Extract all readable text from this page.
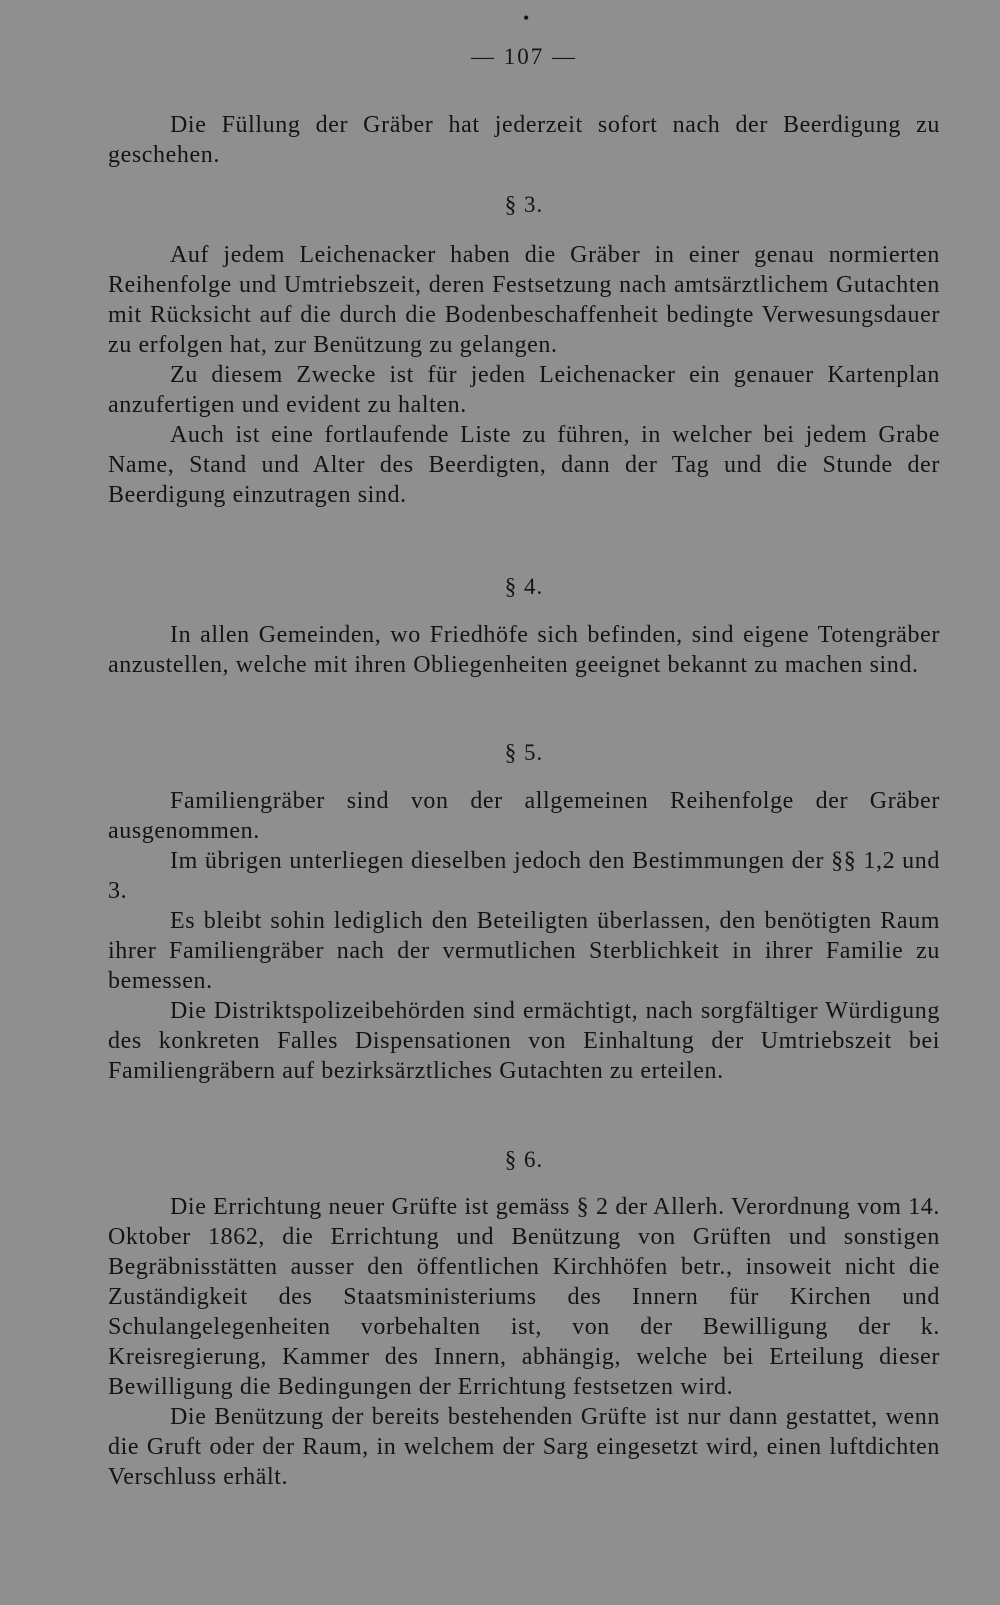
•
— 107 —

Die Füllung der Gräber hat jederzeit sofort nach der Beerdigung zu geschehen.

§ 3.

Auf jedem Leichenacker haben die Gräber in einer genau normierten Reihenfolge und Umtriebszeit, deren Festsetzung nach amtsärztlichem Gutachten mit Rücksicht auf die durch die Bodenbeschaffenheit bedingte Verwesungsdauer zu erfolgen hat, zur Benützung zu gelangen.

Zu diesem Zwecke ist für jeden Leichenacker ein genauer Kartenplan anzufertigen und evident zu halten.

Auch ist eine fortlaufende Liste zu führen, in welcher bei jedem Grabe Name, Stand und Alter des Beerdigten, dann der Tag und die Stunde der Beerdigung einzutragen sind.

§ 4.

In allen Gemeinden, wo Friedhöfe sich befinden, sind eigene Totengräber anzustellen, welche mit ihren Obliegenheiten geeignet bekannt zu machen sind.

§ 5.

Familiengräber sind von der allgemeinen Reihenfolge der Gräber ausgenommen.

Im übrigen unterliegen dieselben jedoch den Bestimmungen der §§ 1,2 und 3.

Es bleibt sohin lediglich den Beteiligten überlassen, den benötigten Raum ihrer Familiengräber nach der vermutlichen Sterblichkeit in ihrer Familie zu bemessen.

Die Distriktspolizeibehörden sind ermächtigt, nach sorgfältiger Würdigung des konkreten Falles Dispensationen von Einhaltung der Umtriebszeit bei Familiengräbern auf bezirksärztliches Gutachten zu erteilen.

§ 6.

Die Errichtung neuer Grüfte ist gemäss § 2 der Allerh. Verordnung vom 14. Oktober 1862, die Errichtung und Benützung von Grüften und sonstigen Begräbnisstätten ausser den öffentlichen Kirchhöfen betr., insoweit nicht die Zuständigkeit des Staatsministeriums des Innern für Kirchen und Schulangelegenheiten vorbehalten ist, von der Bewilligung der k. Kreisregierung, Kammer des Innern, abhängig, welche bei Erteilung dieser Bewilligung die Bedingungen der Errichtung festsetzen wird.

Die Benützung der bereits bestehenden Grüfte ist nur dann gestattet, wenn die Gruft oder der Raum, in welchem der Sarg eingesetzt wird, einen luftdichten Verschluss erhält.
